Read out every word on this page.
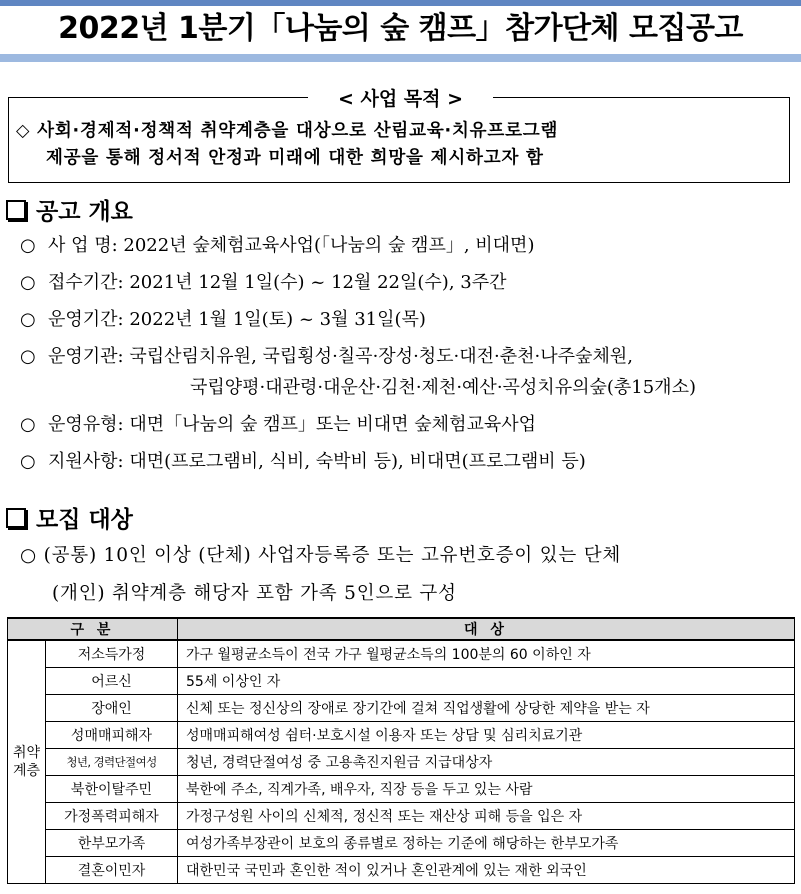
2022년 1분기「나눔의 숲 캠프」참가단체 모집공고
< 사업 목적 >
◇ 사회·경제적·정책적 취약계층을 대상으로 산림교육·치유프로그램
제공을 통해 정서적 안정과 미래에 대한 희망을 제시하고자 함
공고 개요
○ 사 업 명: 2022년 숲체험교육사업(「나눔의 숲 캠프」, 비대면)
○ 접수기간: 2021년 12월 1일(수) ~ 12월 22일(수), 3주간
○ 운영기간: 2022년 1월 1일(토) ~ 3월 31일(목)
○ 운영기관: 국립산림치유원, 국립횡성·칠곡·장성·청도·대전·춘천·나주숲체원,
국립양평·대관령·대운산·김천·제천·예산·곡성치유의숲(총15개소)
○ 운영유형: 대면「나눔의 숲 캠프」또는 비대면 숲체험교육사업
○ 지원사항: 대면(프로그램비, 식비, 숙박비 등), 비대면(프로그램비 등)
모집 대상
○ (공통) 10인 이상 (단체) 사업자등록증 또는 고유번호증이 있는 단체
(개인) 취약계층 해당자 포함 가족 5인으로 구성
구 분		대 상
취약계층	저소득가정	가구 월평균소득이 전국 가구 월평균소득의 100분의 60 이하인 자
	어르신	55세 이상인 자
	장애인	신체 또는 정신상의 장애로 장기간에 걸쳐 직업생활에 상당한 제약을 받는 자
	성매매피해자	성매매피해여성 쉼터·보호시설 이용자 또는 상담 및 심리치료기관
	청년, 경력단절여성	청년, 경력단절여성 중 고용촉진지원금 지급대상자
	북한이탈주민	북한에 주소, 직계가족, 배우자, 직장 등을 두고 있는 사람
	가정폭력피해자	가정구성원 사이의 신체적, 정신적 또는 재산상 피해 등을 입은 자
	한부모가족	여성가족부장관이 보호의 종류별로 정하는 기준에 해당하는 한부모가족
	결혼이민자	대한민국 국민과 혼인한 적이 있거나 혼인관계에 있는 재한 외국인
